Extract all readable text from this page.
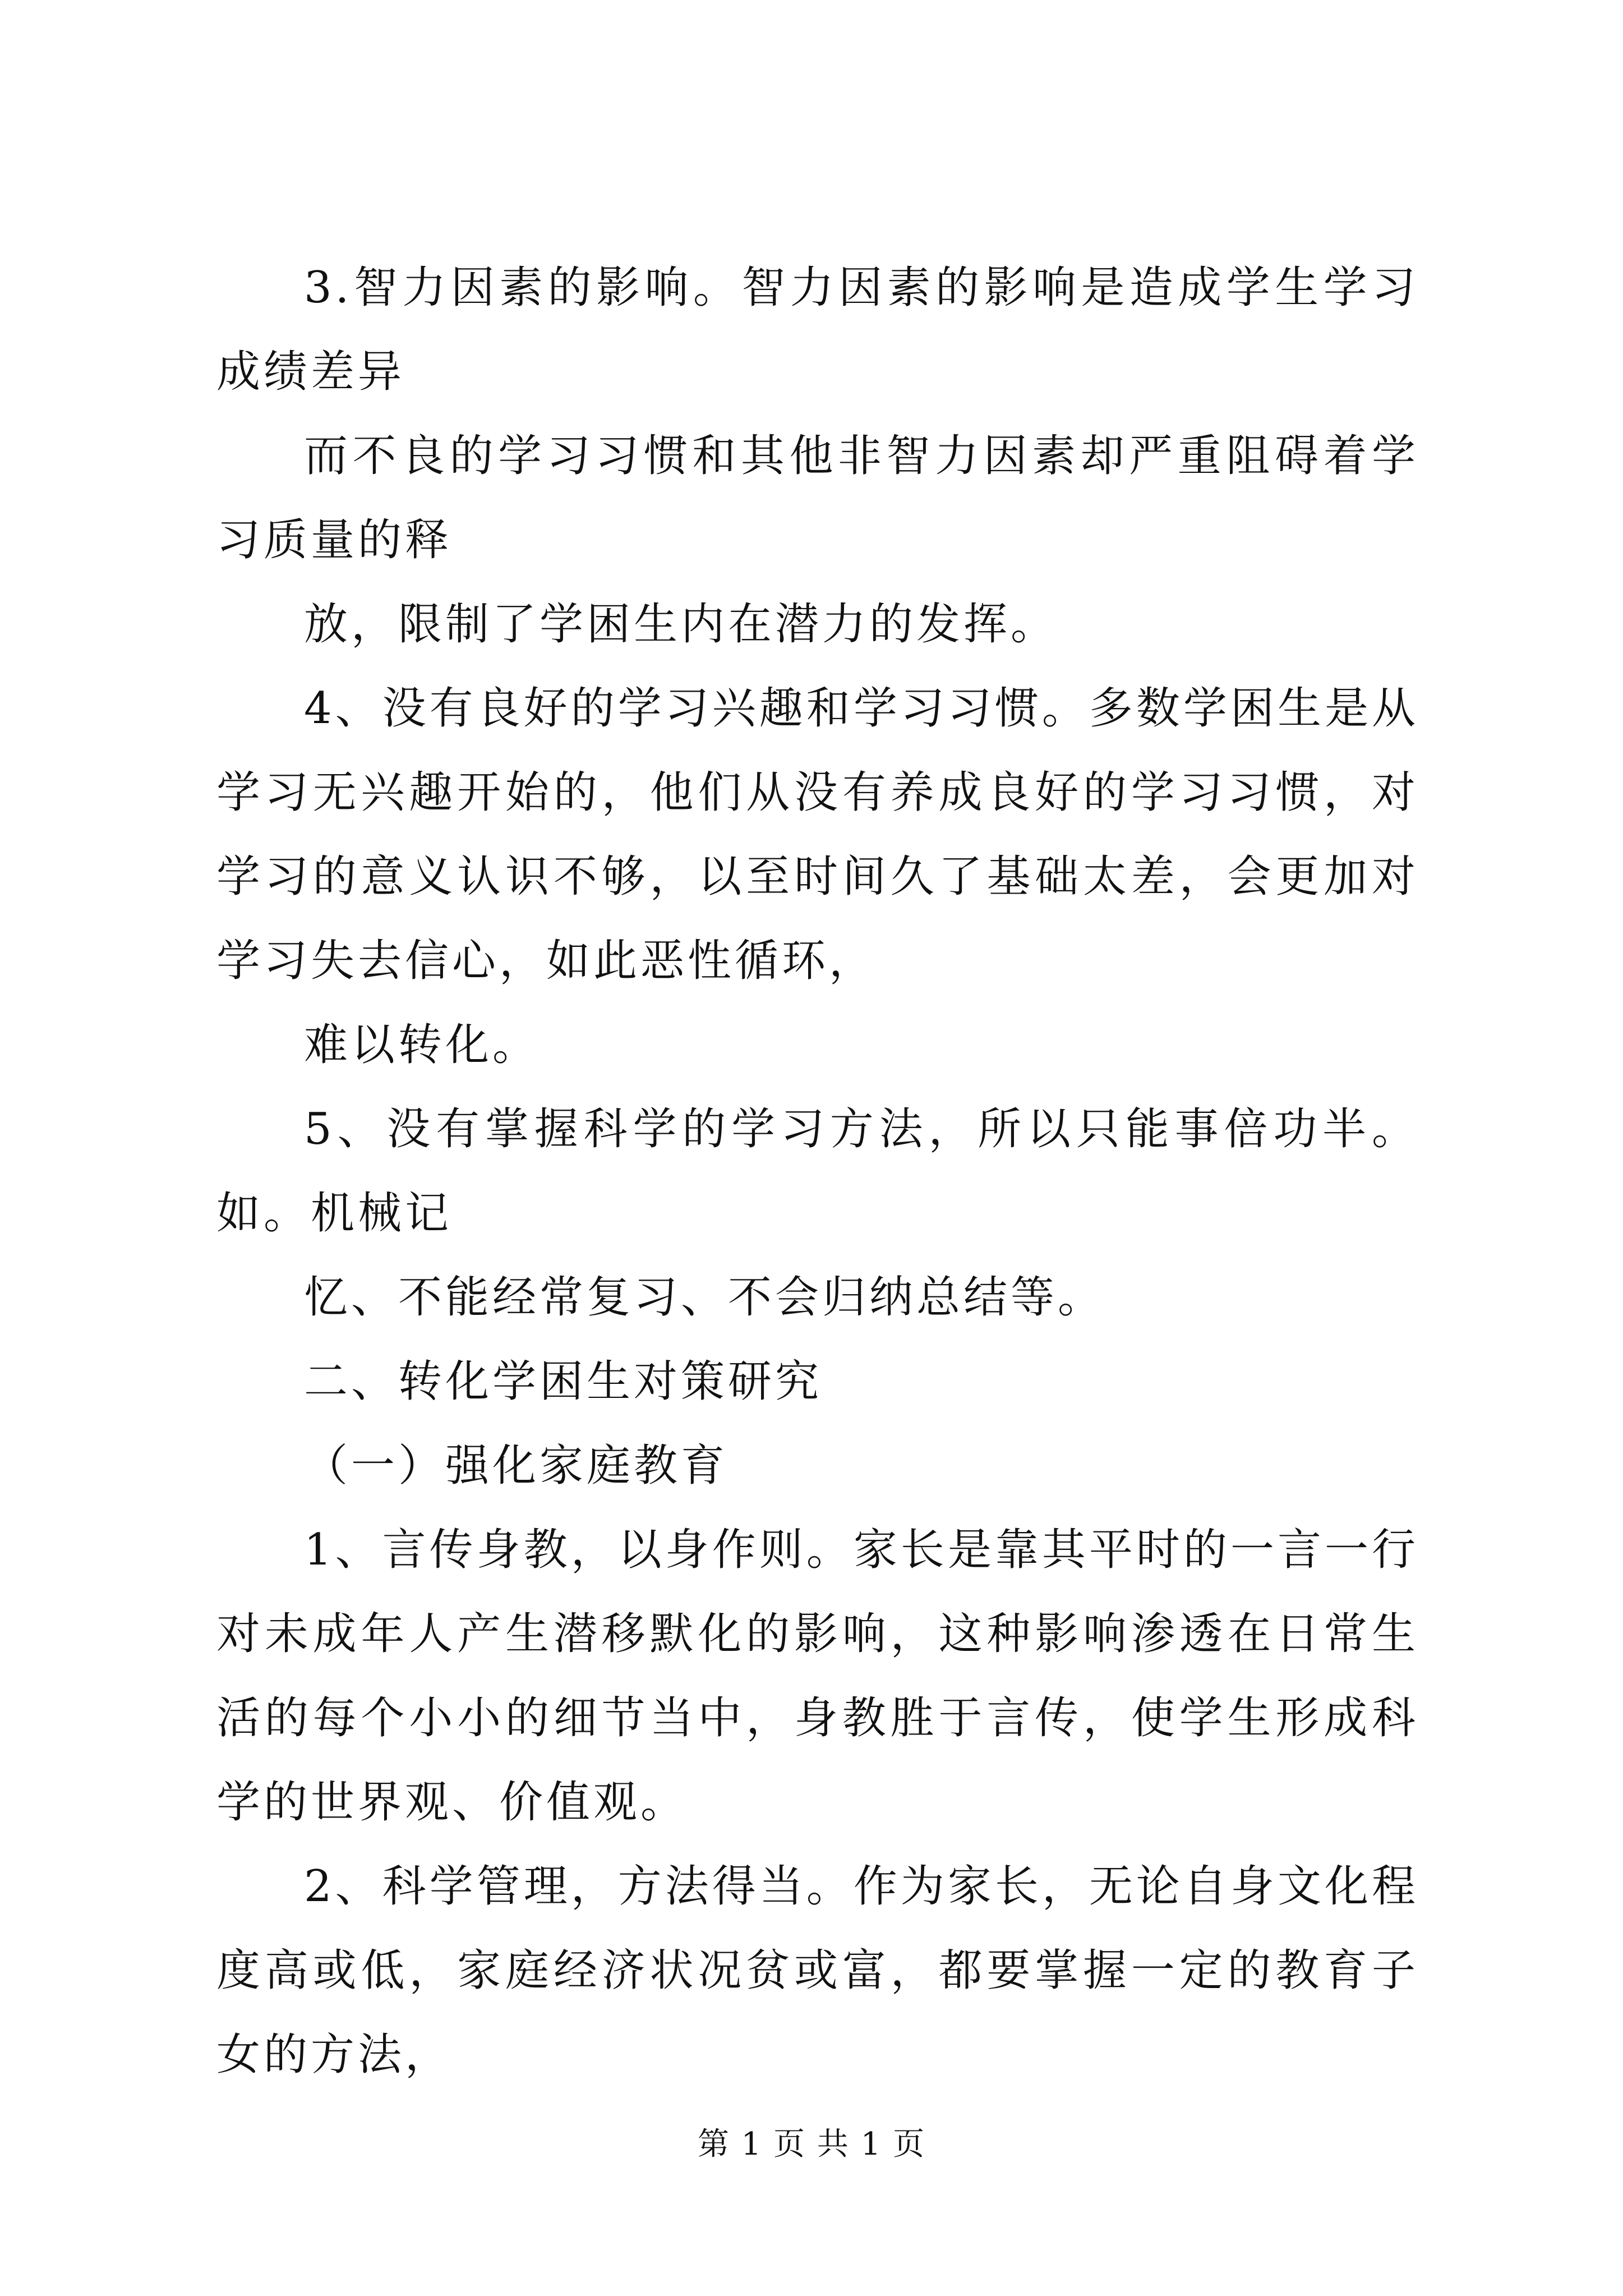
3.智力因素的影响。智力因素的影响是造成学生学习成绩差异

而不良的学习习惯和其他非智力因素却严重阻碍着学习质量的释

放，限制了学困生内在潜力的发挥。

4、没有良好的学习兴趣和学习习惯。多数学困生是从学习无兴趣开始的，他们从没有养成良好的学习习惯，对学习的意义认识不够，以至时间久了基础太差，会更加对学习失去信心，如此恶性循环，

难以转化。

5、没有掌握科学的学习方法，所以只能事倍功半。如。机械记

忆、不能经常复习、不会归纳总结等。

二、转化学困生对策研究

（一）强化家庭教育

1、言传身教，以身作则。家长是靠其平时的一言一行对未成年人产生潜移默化的影响，这种影响渗透在日常生活的每个小小的细节当中，身教胜于言传，使学生形成科学的世界观、价值观。

2、科学管理，方法得当。作为家长，无论自身文化程度高或低，家庭经济状况贫或富，都要掌握一定的教育子女的方法，

第 1 页 共 1 页
